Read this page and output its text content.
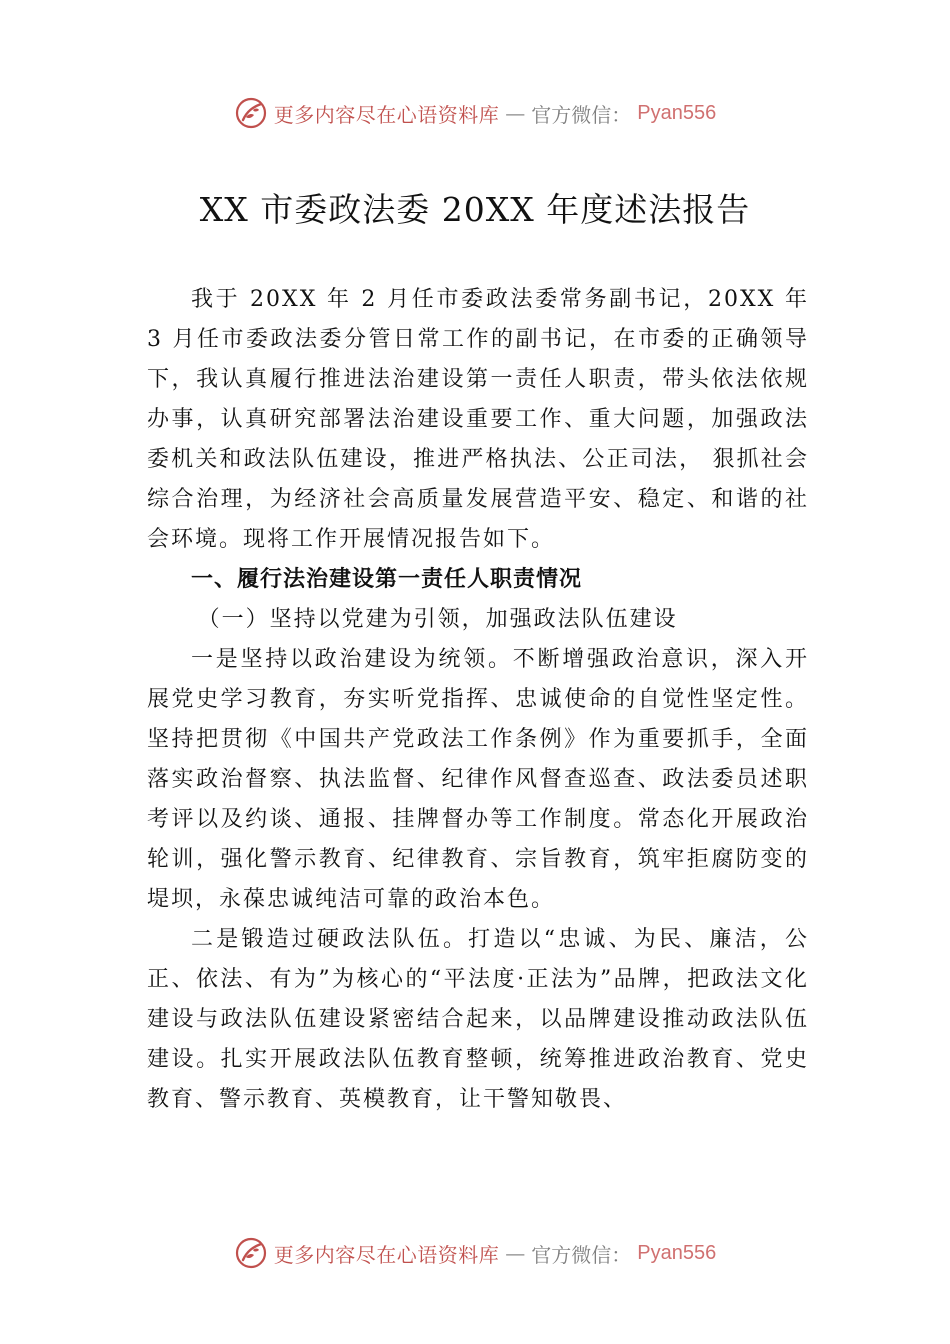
更多内容尽在心语资料库 — 官方微信： Pyan556
XX 市委政法委 20XX 年度述法报告

我于 20XX 年 2 月任市委政法委常务副书记，20XX 年 3 月任市委政法委分管日常工作的副书记，在市委的正确领导下，我认真履行推进法治建设第一责任人职责，带头依法依规办事，认真研究部署法治建设重要工作、重大问题，加强政法委机关和政法队伍建设，推进严格执法、公正司法， 狠抓社会综合治理，为经济社会高质量发展营造平安、稳定、和谐的社会环境。现将工作开展情况报告如下。

一、履行法治建设第一责任人职责情况
（一）坚持以党建为引领，加强政法队伍建设

一是坚持以政治建设为统领。不断增强政治意识，深入开展党史学习教育，夯实听党指挥、忠诚使命的自觉性坚定性。坚持把贯彻《中国共产党政法工作条例》作为重要抓手，全面落实政治督察、执法监督、纪律作风督查巡查、政法委员述职考评以及约谈、通报、挂牌督办等工作制度。常态化开展政治轮训，强化警示教育、纪律教育、宗旨教育，筑牢拒腐防变的堤坝，永葆忠诚纯洁可靠的政治本色。

二是锻造过硬政法队伍。打造以“忠诚、为民、廉洁，公正、依法、有为”为核心的“平法度·正法为”品牌，把政法文化建设与政法队伍建设紧密结合起来，以品牌建设推动政法队伍建设。扎实开展政法队伍教育整顿，统筹推进政治教育、党史教育、警示教育、英模教育，让干警知敬畏、

更多内容尽在心语资料库 — 官方微信： Pyan556
